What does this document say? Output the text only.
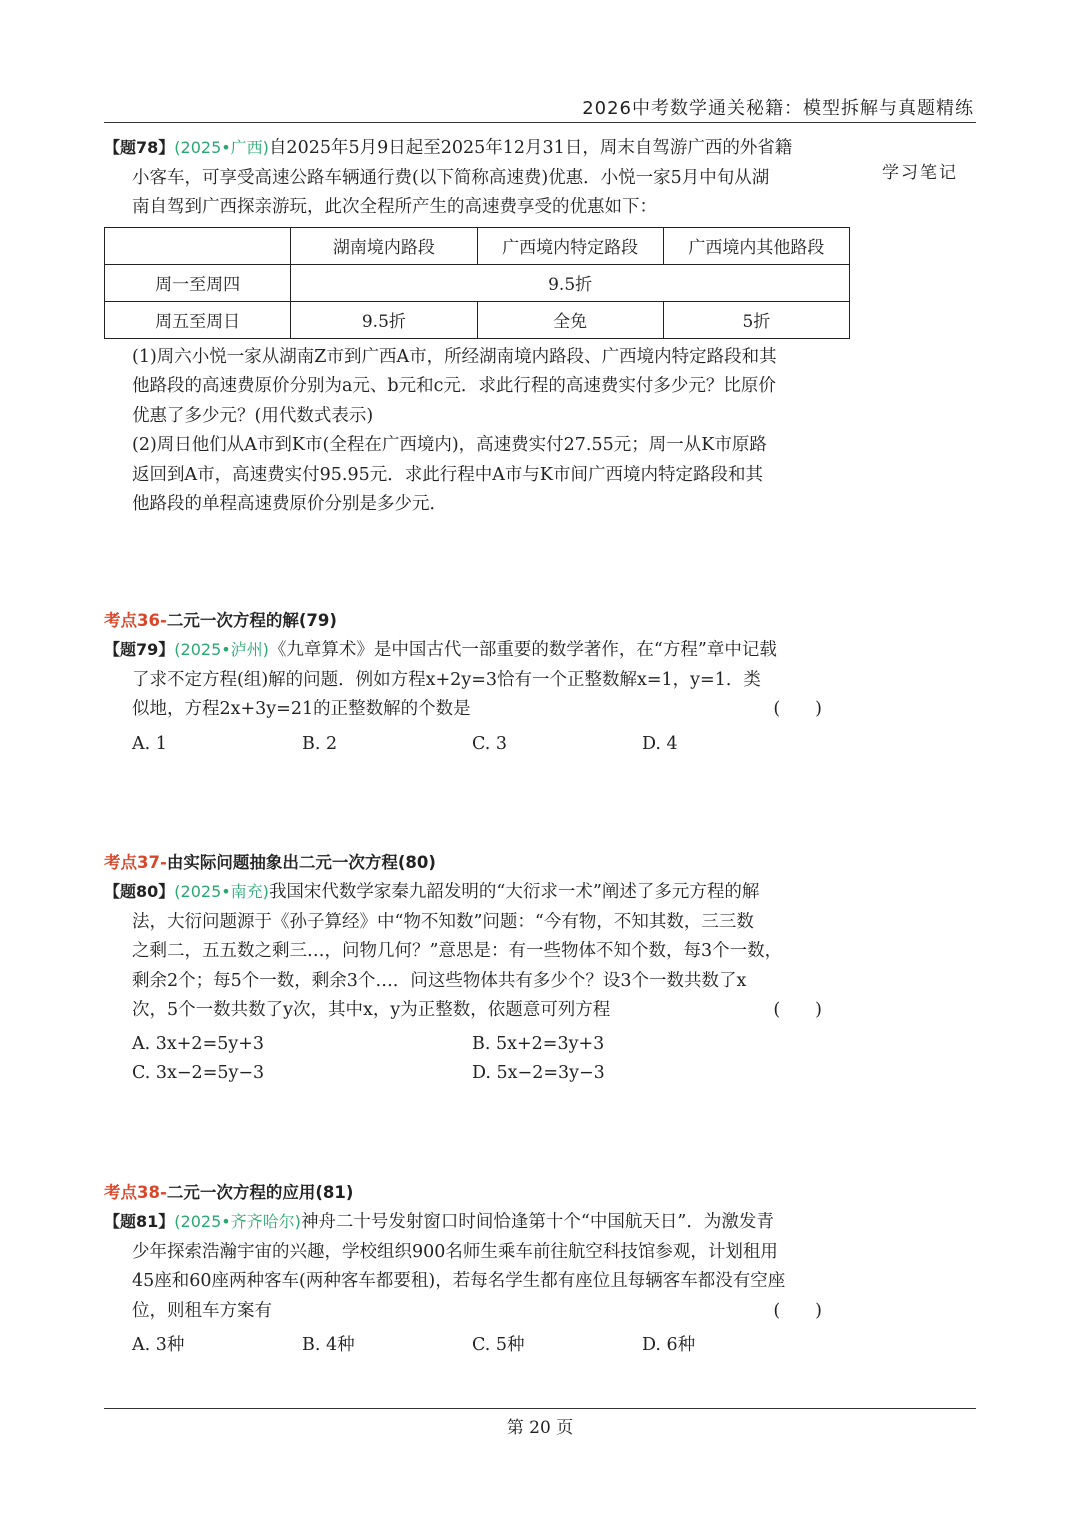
2026中考数学通关秘籍：模型拆解与真题精练
学习笔记

【题78】(2025•广西)自2025年5月9日起至2025年12月31日，周末自驾游广西的外省籍

小客车，可享受高速公路车辆通行费(以下简称高速费)优惠．小悦一家5月中旬从湖

南自驾到广西探亲游玩，此次全程所产生的高速费享受的优惠如下：

	湖南境内路段	广西境内特定路段	广西境内其他路段
周一至周四	9.5折		
周五至周日	9.5折	全免	5折

(1)周六小悦一家从湖南Z市到广西A市，所经湖南境内路段、广西境内特定路段和其

他路段的高速费原价分别为a元、b元和c元．求此行程的高速费实付多少元？比原价

优惠了多少元？(用代数式表示)

(2)周日他们从A市到K市(全程在广西境内)，高速费实付27.55元；周一从K市原路

返回到A市，高速费实付95.95元．求此行程中A市与K市间广西境内特定路段和其

他路段的单程高速费原价分别是多少元．

考点36-二元一次方程的解(79)

【题79】(2025•泸州)《九章算术》是中国古代一部重要的数学著作，在“方程”章中记载

了求不定方程(组)解的问题．例如方程x+2y=3恰有一个正整数解x=1，y=1．类

似地，方程2x+3y=21的正整数解的个数是	(　　)

A. 1	B. 2	C. 3	D. 4

考点37-由实际问题抽象出二元一次方程(80)

【题80】(2025•南充)我国宋代数学家秦九韶发明的“大衍求一术”阐述了多元方程的解

法，大衍问题源于《孙子算经》中“物不知数”问题：“今有物，不知其数，三三数

之剩二，五五数之剩三…，问物几何？”意思是：有一些物体不知个数，每3个一数，

剩余2个；每5个一数，剩余3个…．问这些物体共有多少个？设3个一数共数了x

次，5个一数共数了y次，其中x，y为正整数，依题意可列方程	(　　)

A. 3x+2=5y+3	B. 5x+2=3y+3
C. 3x−2=5y−3	D. 5x−2=3y−3

考点38-二元一次方程的应用(81)

【题81】(2025•齐齐哈尔)神舟二十号发射窗口时间恰逢第十个“中国航天日”．为激发青

少年探索浩瀚宇宙的兴趣，学校组织900名师生乘车前往航空科技馆参观，计划租用

45座和60座两种客车(两种客车都要租)，若每名学生都有座位且每辆客车都没有空座

位，则租车方案有	(　　)

A. 3种	B. 4种	C. 5种	D. 6种
第 20 页
